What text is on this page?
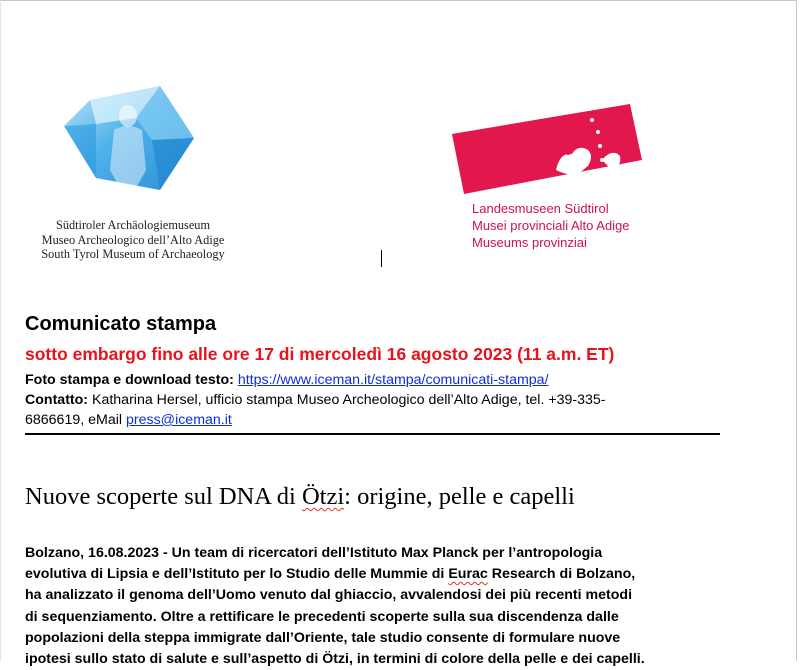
Südtiroler Archäologiemuseum
Museo Archeologico dell’Alto Adige
South Tyrol Museum of Archaeology
Landesmuseen Südtirol
Musei provinciali Alto Adige
Museums provinziai
Comunicato stampa
sotto embargo fino alle ore 17 di mercoledì 16 agosto 2023 (11 a.m. ET)
Foto stampa e download testo: https://www.iceman.it/stampa/comunicati-stampa/
Contatto: Katharina Hersel, ufficio stampa Museo Archeologico dell’Alto Adige, tel. +39-335-
6866619, eMail press@iceman.it
Nuove scoperte sul DNA di Ötzi: origine, pelle e capelli
Bolzano, 16.08.2023 - Un team di ricercatori dell’Istituto Max Planck per l’antropologia
evolutiva di Lipsia e dell’Istituto per lo Studio delle Mummie di Eurac Research di Bolzano,
ha analizzato il genoma dell’Uomo venuto dal ghiaccio, avvalendosi dei più recenti metodi
di sequenziamento. Oltre a rettificare le precedenti scoperte sulla sua discendenza dalle
popolazioni della steppa immigrate dall’Oriente, tale studio consente di formulare nuove
ipotesi sullo stato di salute e sull’aspetto di Ötzi, in termini di colore della pelle e dei capelli.
